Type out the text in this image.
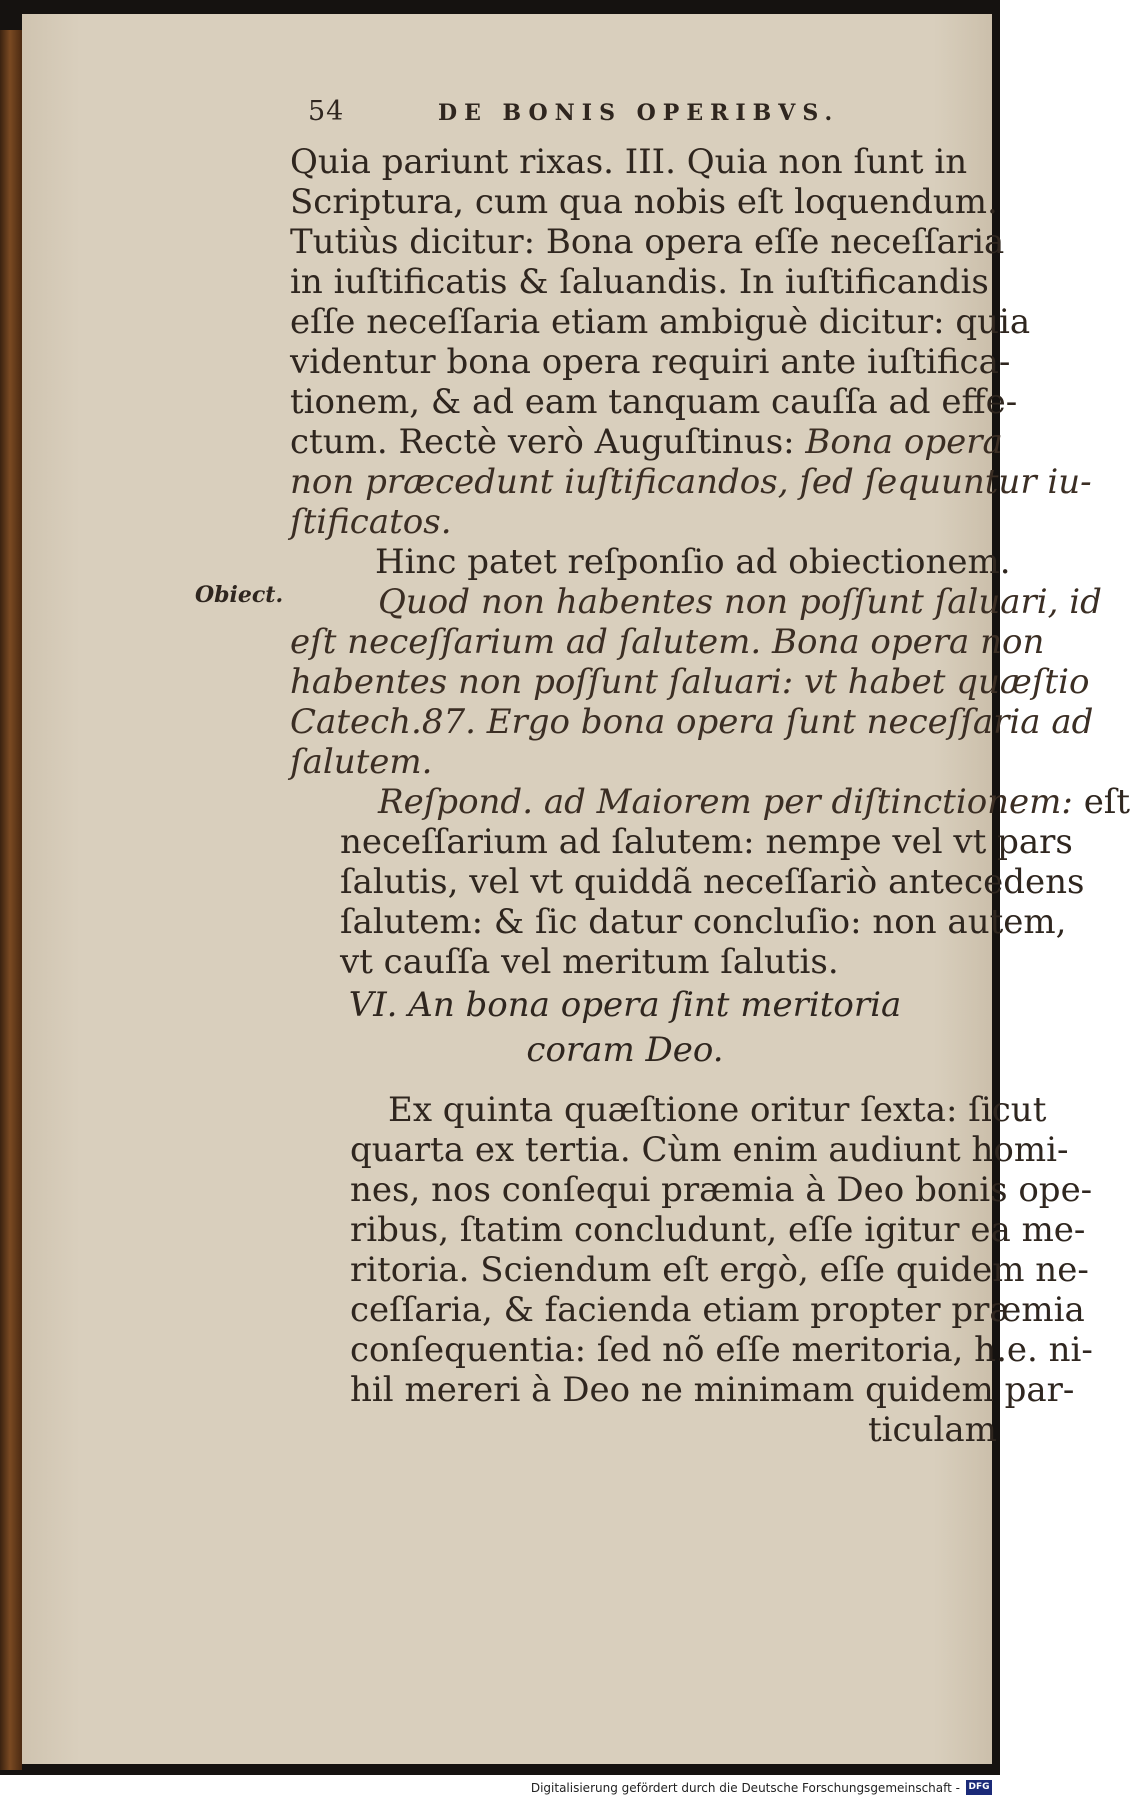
54	DE BONIS OPERIBVS.
Obiect.

Quia pariunt rixas. III. Quia non ſunt in

Scriptura, cum qua nobis eſt loquendum.

Tutiùs dicitur: Bona opera eſſe neceſſaria

in iuſtificatis & ſaluandis. In iuſtificandis

eſſe neceſſaria etiam ambiguè dicitur: quia

videntur bona opera requiri ante iuſtifica-

tionem, & ad eam tanquam cauſſa ad effe-

ctum. Rectè verò Auguſtinus: Bona opera

non præcedunt iuſtificandos, ſed ſequuntur iu-

ſtificatos.

Hinc patet reſponſio ad obiectionem.

Quod non habentes non poſſunt ſaluari, id

eſt neceſſarium ad ſalutem. Bona opera non

habentes non poſſunt ſaluari: vt habet quæſtio

Catech.87. Ergo bona opera ſunt neceſſaria ad

ſalutem.

Reſpond. ad Maiorem per diſtinctionem: eſt

neceſſarium ad ſalutem: nempe vel vt pars

ſalutis, vel vt quiddã neceſſariò antecedens

ſalutem: & ſic datur concluſio: non autem,

vt cauſſa vel meritum ſalutis.

VI. An bona opera ſint meritoria
coram Deo.

Ex quinta quæſtione oritur ſexta: ſicut

quarta ex tertia. Cùm enim audiunt homi-

nes, nos conſequi præmia à Deo bonis ope-

ribus, ſtatim concludunt, eſſe igitur ea me-

ritoria. Sciendum eſt ergò, eſſe quidem ne-

ceſſaria, & facienda etiam propter præmia

conſequentia: ſed nõ eſſe meritoria, h.e. ni-

hil mereri à Deo ne minimam quidem par-

ticulam

Digitalisierung gefördert durch die Deutsche Forschungsgemeinschaft - DFG
